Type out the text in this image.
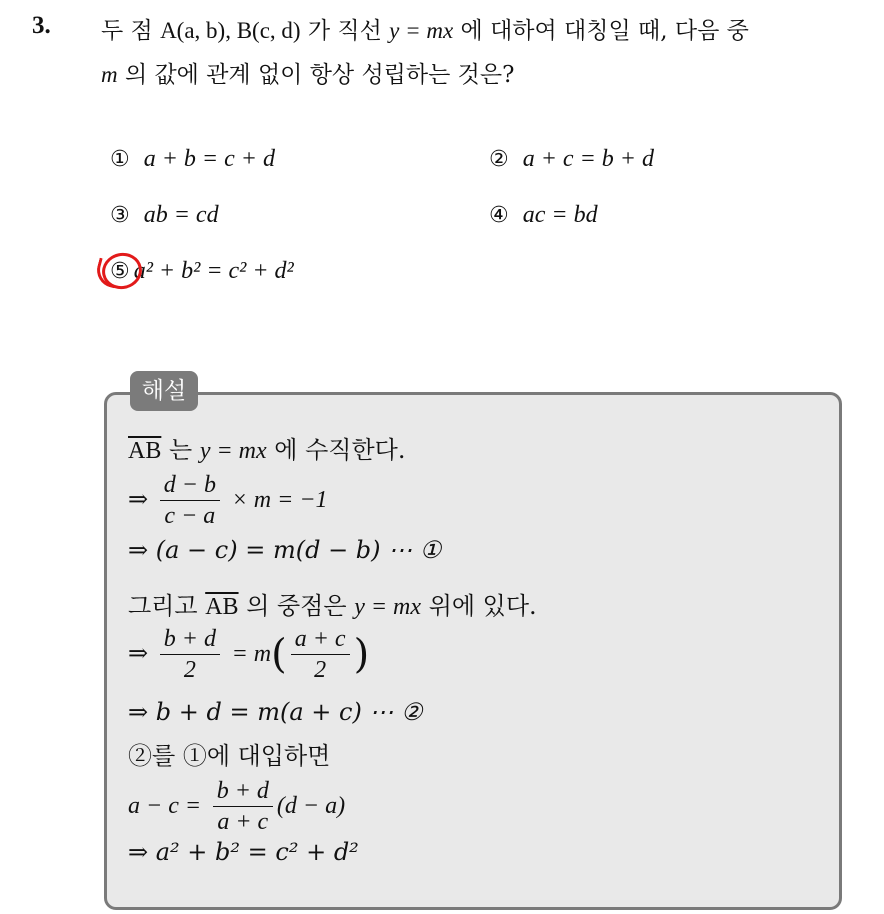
3. 두 점 A(a, b), B(c, d) 가 직선 y = mx 에 대하여 대칭일 때, 다음 중
m 의 값에 관계 없이 항상 성립하는 것은?
① a + b = c + d	② a + c = b + d
③ ab = cd	④ ac = bd
⑤ a² + b² = c² + d²
해설
$\overline{AB}$ 는 y = mx 에 수직한다.
⇒ $\frac{d - b}{c - a} \times m = -1$
⇒ (a − c) = m(d − b) ⋯ ①
그리고 $\overline{AB}$ 의 중점은 y = mx 위에 있다.
⇒ $\frac{b + d}{2} = m( \frac{a + c}{2}$ )
⇒ b + d = m(a + c) ⋯ ②
②를 ①에 대입하면
$a - c = \frac{b + d}{a + c} (d - a)$
⇒ a² + b² = c² + d²
